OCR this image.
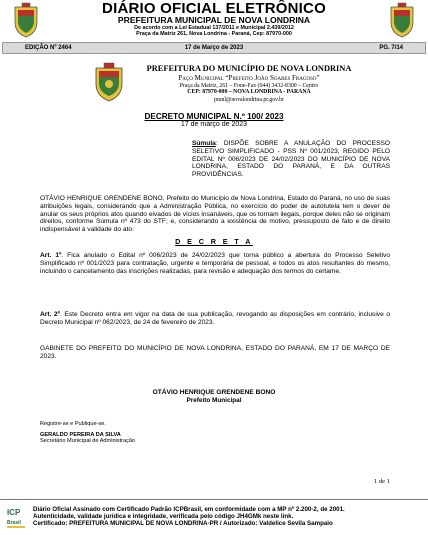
DIÁRIO OFICIAL ELETRÔNICO
PREFEITURA MUNICIPAL DE NOVA LONDRINA
De acordo com a Lei Estadual 137/2011 e Municipal 2.439/2012
Praça da Matriz 261, Nova Londrina - Paraná, Cep: 87970-000
EDIÇÃO Nº 2464	17 de Março de 2023	PG. 7/14
PREFEITURA DO MUNICÍPIO DE NOVA LONDRINA
Paço Municipal “Prefeito João Soares Fragoso”
Praça da Matriz, 261 – Fone-Fax (044) 3432-8300 – Centro
CEP: 87970-000 – NOVA LONDRINA - PARANÁ
pmnl@novalondrina.pr.gov.br
DECRETO MUNICIPAL N.º 100/ 2023
17 de março de 2023
Súmula: DISPÕE SOBRE A ANULAÇÃO DO PROCESSO SELETIVO SIMPLIFICADO - PSS Nº 001/2023, REGIDO PELO EDITAL Nº 006/2023 DE 24/02/2023 DO MUNICÍPIO DE NOVA LONDRINA, ESTADO DO PARANÁ, E DA OUTRAS PROVIDÊNCIAS.
OTÁVIO HENRIQUE GRENDENE BONO, Prefeito do Município de Nova Londrina, Estado do Paraná, no uso de suas atribuições legais, considerando que a Administração Pública, no exercício do poder de autotutela tem o dever de anular os seus próprios atos quando eivados de vícios insanáveis, que os tornam ilegais, porque deles não se originam direitos, conforme Súmula nº 473 do STF; e, considerando a existência de motivo, pressuposto de fato e de direito indispensável à validade do ato:
D E C R E T A
Art. 1º. Fica anulado o Edital nº 006/2023 de 24/02/2023 que torna público a abertura do Processo Seletivo Simplificado nº 001/2023 para contratação, urgente e temporária de pessoal, e todos os atos resultantes do mesmo, incluindo o cancelamento das inscrições realizadas, para revisão e adequação dos termos do certame.
Art. 2º. Este Decreto entra em vigor na data de sua publicação, revogando as disposições em contrário, inclusive o Decreto Municipal nº 062/2023, de 24 de fevereiro de 2023.
GABINETE DO PREFEITO DO MUNICÍPIO DE NOVA LONDRINA, ESTADO DO PARANÁ, EM 17 DE MARÇO DE 2023.
OTÁVIO HENRIQUE GRENDENE BONO
Prefeito Municipal
Registre-se e Publique-se.
GERALDO PEREIRA DA SILVA
Secretário Municipal de Administração
1 de 1
ICP
Brasil
Diário Oficial Assinado com Certificado Padrão ICPBrasil, em conformidade com a MP nº 2.200-2, de 2001.
Autenticidade, validade jurídica e integridade, verificada pelo código JH4GMk neste link.
Certificado: PREFEITURA MUNICIPAL DE NOVA LONDRINA-PR / Autorizado: Valdelice Sevila Sampaio
